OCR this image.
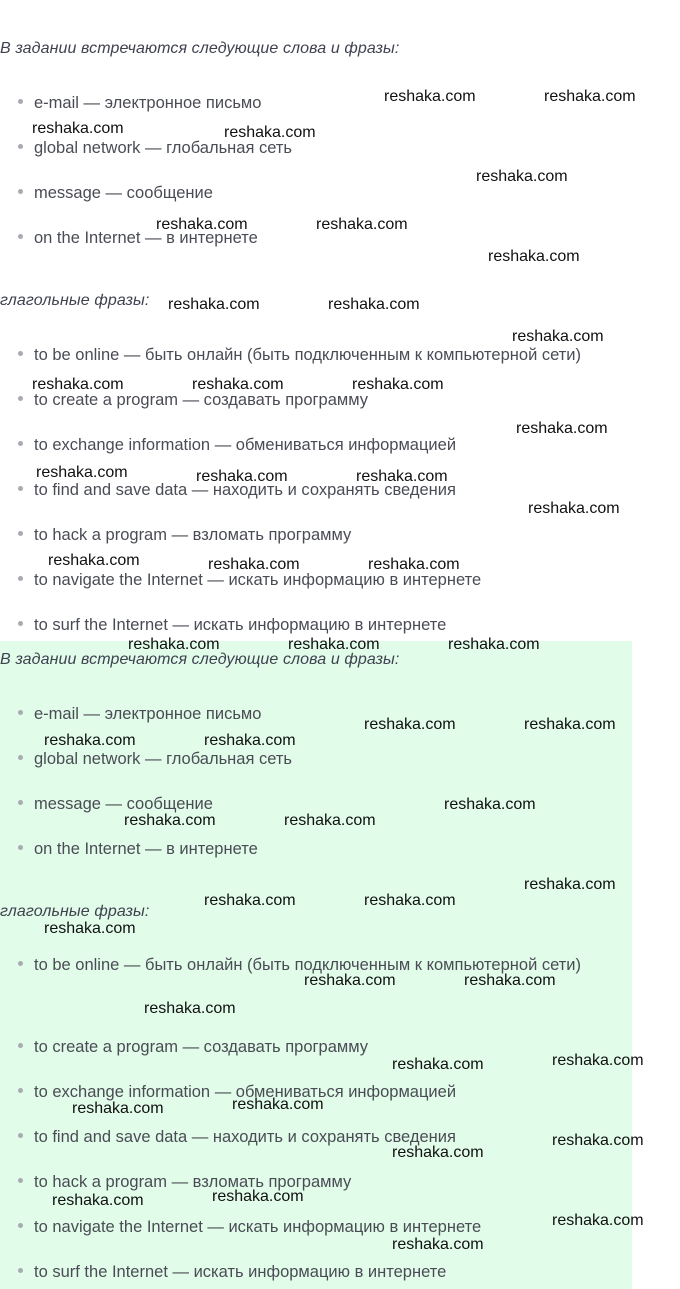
В задании встречаются следующие слова и фразы:
e-mail — электронное письмо
global network — глобальная сеть
message — сообщение
on the Internet — в интернете
глагольные фразы:
to be online — быть онлайн (быть подключенным к компьютерной сети)
to create a program — создавать программу
to exchange information — обмениваться информацией
to find and save data — находить и сохранять сведения
to hack a program — взломать программу
to navigate the Internet — искать информацию в интернете
to surf the Internet — искать информацию в интернете
В задании встречаются следующие слова и фразы:
e-mail — электронное письмо
global network — глобальная сеть
message — сообщение
on the Internet — в интернете
глагольные фразы:
to be online — быть онлайн (быть подключенным к компьютерной сети)
to create a program — создавать программу
to exchange information — обмениваться информацией
to find and save data — находить и сохранять сведения
to hack a program — взломать программу
to navigate the Internet — искать информацию в интернете
to surf the Internet — искать информацию в интернете
reshaka.com	reshaka.com
reshaka.com	reshaka.com
reshaka.com
reshaka.com	reshaka.com
reshaka.com
reshaka.com	reshaka.com
reshaka.com
reshaka.com	reshaka.com	reshaka.com
reshaka.com
reshaka.com	reshaka.com	reshaka.com
reshaka.com
reshaka.com	reshaka.com	reshaka.com
reshaka.com	reshaka.com	reshaka.com
reshaka.com	reshaka.com
reshaka.com	reshaka.com
reshaka.com
reshaka.com	reshaka.com
reshaka.com
reshaka.com	reshaka.com
reshaka.com
reshaka.com	reshaka.com
reshaka.com
reshaka.com
reshaka.com
reshaka.com
reshaka.com
reshaka.com
reshaka.com
reshaka.com
reshaka.com
reshaka.com
reshaka.com
